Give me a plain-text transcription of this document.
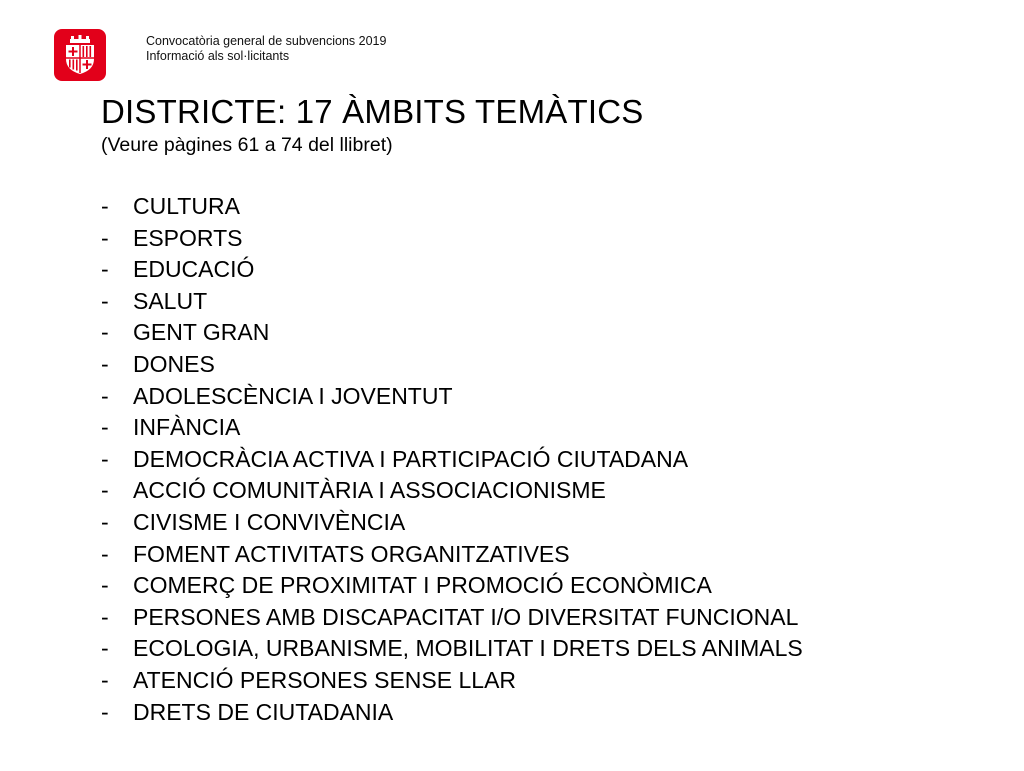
Convocatòria general de subvencions 2019
Informació als sol·licitants
DISTRICTE: 17 ÀMBITS TEMÀTICS

(Veure pàgines 61 a 74 del llibret)

-	CULTURA
-	ESPORTS
-	EDUCACIÓ
-	SALUT
-	GENT GRAN
-	DONES
-	ADOLESCÈNCIA I JOVENTUT
-	INFÀNCIA
-	DEMOCRÀCIA ACTIVA I PARTICIPACIÓ CIUTADANA
-	ACCIÓ COMUNITÀRIA I ASSOCIACIONISME
-	CIVISME I CONVIVÈNCIA
-	FOMENT ACTIVITATS ORGANITZATIVES
-	COMERÇ DE PROXIMITAT I PROMOCIÓ ECONÒMICA
-	PERSONES AMB DISCAPACITAT I/O DIVERSITAT FUNCIONAL
-	ECOLOGIA, URBANISME, MOBILITAT I DRETS DELS ANIMALS
-	ATENCIÓ PERSONES SENSE LLAR
-	DRETS DE CIUTADANIA
